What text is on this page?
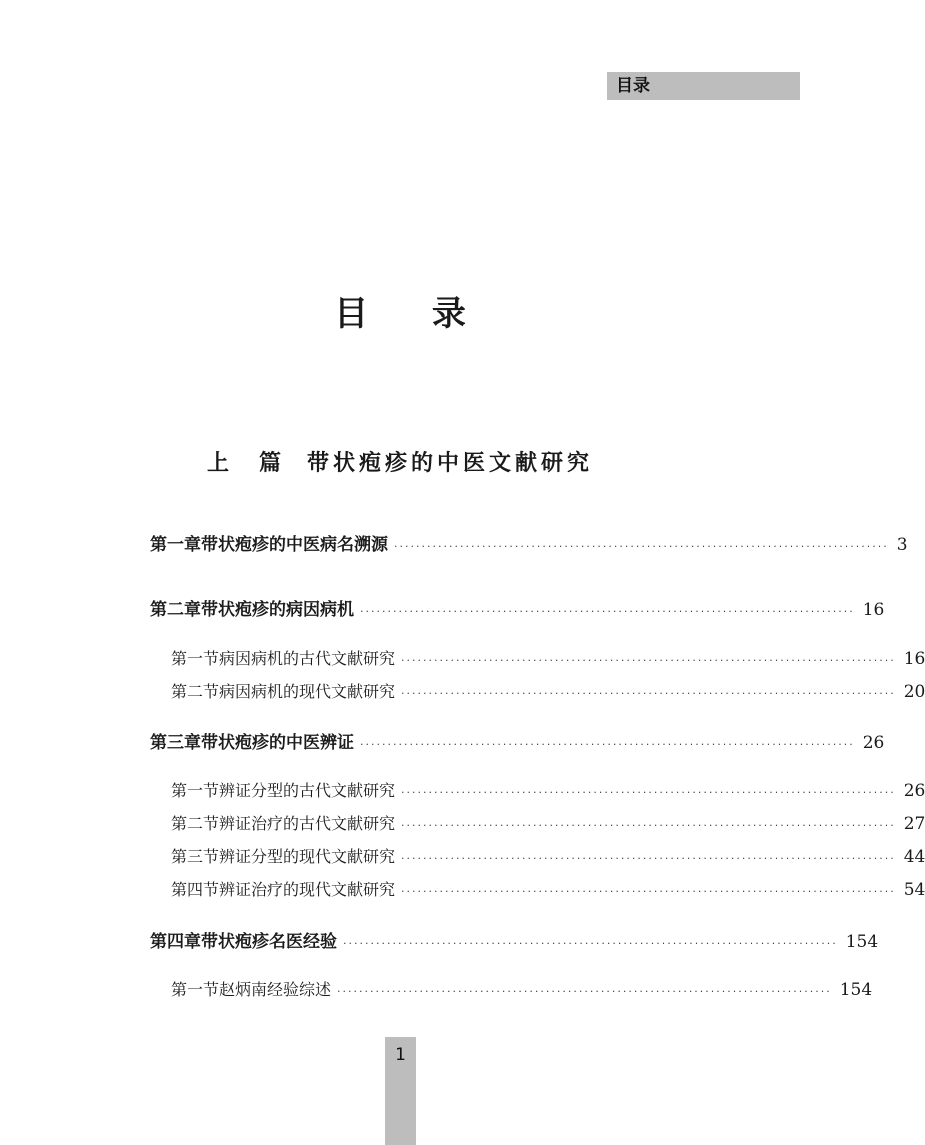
目录
目 录
上　篇 带状疱疹的中医文献研究
第一章 带状疱疹的中医病名溯源 ·························································································· 3
第二章 带状疱疹的病因病机 ·························································································· 16
第一节 病因病机的古代文献研究 ·························································································· 16
第二节 病因病机的现代文献研究 ·························································································· 20
第三章 带状疱疹的中医辨证 ·························································································· 26
第一节 辨证分型的古代文献研究 ·························································································· 26
第二节 辨证治疗的古代文献研究 ·························································································· 27
第三节 辨证分型的现代文献研究 ·························································································· 44
第四节 辨证治疗的现代文献研究 ·························································································· 54
第四章 带状疱疹名医经验 ·························································································· 154
第一节 赵炳南经验综述 ·························································································· 154
1
